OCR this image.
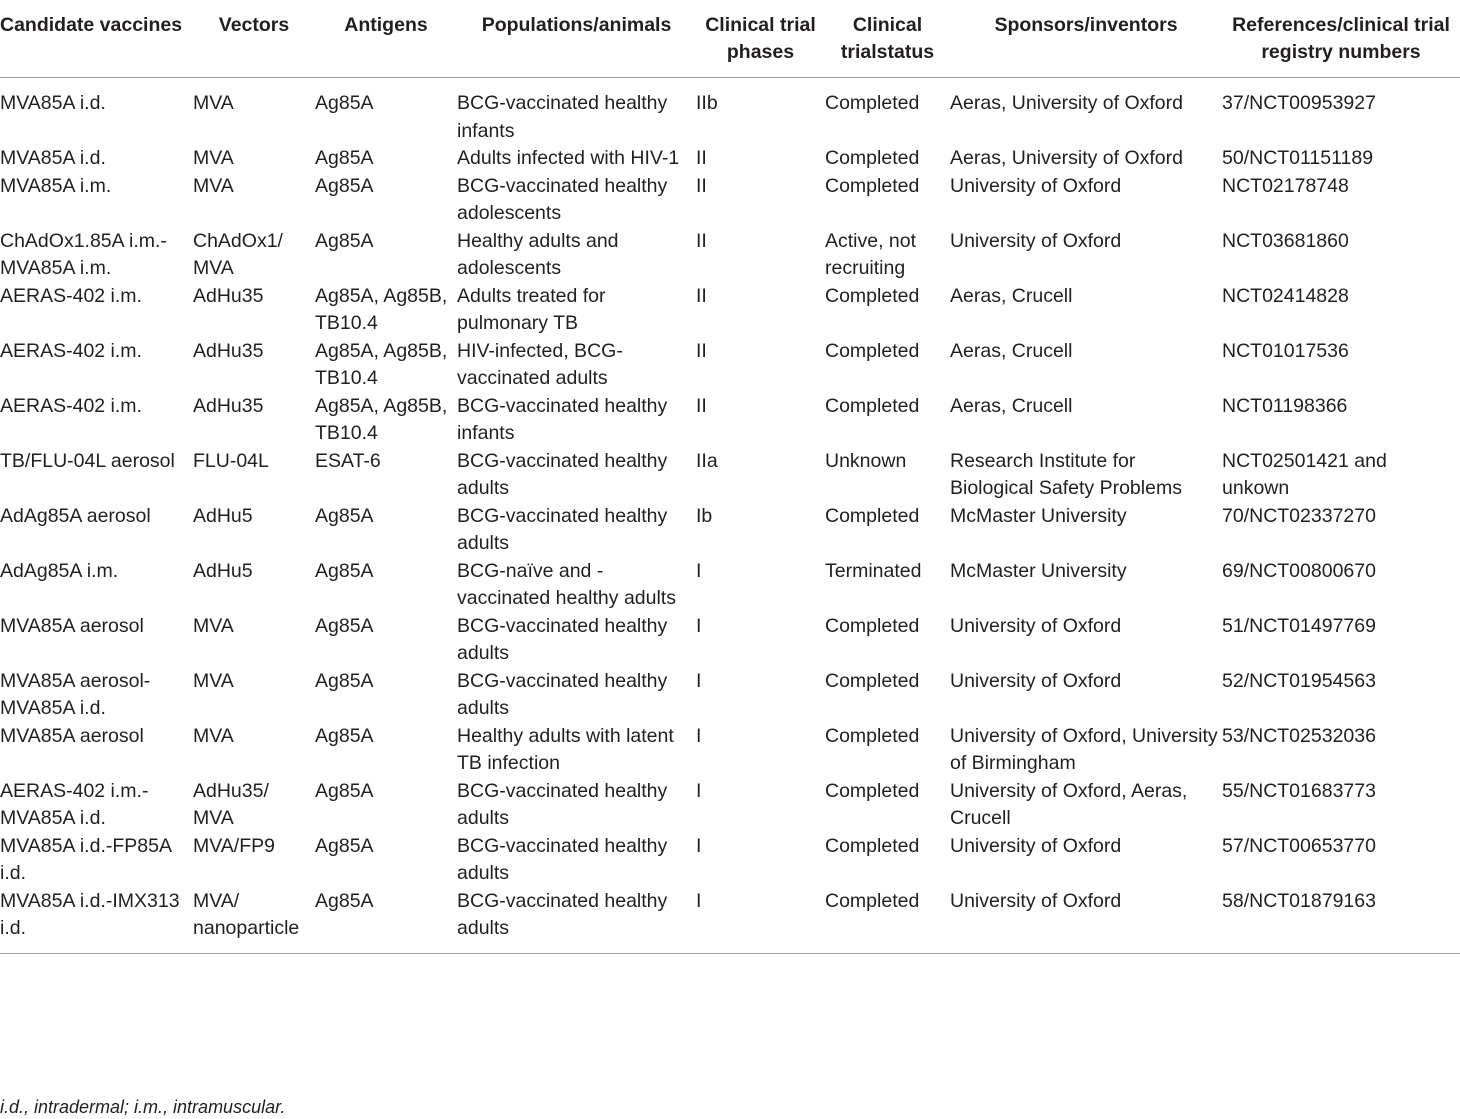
Candidate vaccines	Vectors	Antigens	Populations/animals	Clinical trial phases	Clinical trialstatus	Sponsors/inventors	References/clinical trial registry numbers
MVA85A i.d.	MVA	Ag85A	BCG-vaccinated healthy infants	IIb	Completed	Aeras, University of Oxford	37/NCT00953927
MVA85A i.d.	MVA	Ag85A	Adults infected with HIV-1	II	Completed	Aeras, University of Oxford	50/NCT01151189
MVA85A i.m.	MVA	Ag85A	BCG-vaccinated healthy adolescents	II	Completed	University of Oxford	NCT02178748
ChAdOx1.85A i.m.-MVA85A i.m.	ChAdOx1/ MVA	Ag85A	Healthy adults and adolescents	II	Active, not recruiting	University of Oxford	NCT03681860
AERAS-402 i.m.	AdHu35	Ag85A, Ag85B, TB10.4	Adults treated for pulmonary TB	II	Completed	Aeras, Crucell	NCT02414828
AERAS-402 i.m.	AdHu35	Ag85A, Ag85B, TB10.4	HIV-infected, BCG-vaccinated adults	II	Completed	Aeras, Crucell	NCT01017536
AERAS-402 i.m.	AdHu35	Ag85A, Ag85B, TB10.4	BCG-vaccinated healthy infants	II	Completed	Aeras, Crucell	NCT01198366
TB/FLU-04L aerosol	FLU-04L	ESAT-6	BCG-vaccinated healthy adults	IIa	Unknown	Research Institute for Biological Safety Problems	NCT02501421 and unkown
AdAg85A aerosol	AdHu5	Ag85A	BCG-vaccinated healthy adults	Ib	Completed	McMaster University	70/NCT02337270
AdAg85A i.m.	AdHu5	Ag85A	BCG-naïve and -vaccinated healthy adults	I	Terminated	McMaster University	69/NCT00800670
MVA85A aerosol	MVA	Ag85A	BCG-vaccinated healthy adults	I	Completed	University of Oxford	51/NCT01497769
MVA85A aerosol-MVA85A i.d.	MVA	Ag85A	BCG-vaccinated healthy adults	I	Completed	University of Oxford	52/NCT01954563
MVA85A aerosol	MVA	Ag85A	Healthy adults with latent TB infection	I	Completed	University of Oxford, University of Birmingham	53/NCT02532036
AERAS-402 i.m.-MVA85A i.d.	AdHu35/ MVA	Ag85A	BCG-vaccinated healthy adults	I	Completed	University of Oxford, Aeras, Crucell	55/NCT01683773
MVA85A i.d.-FP85A i.d.	MVA/FP9	Ag85A	BCG-vaccinated healthy adults	I	Completed	University of Oxford	57/NCT00653770
MVA85A i.d.-IMX313 i.d.	MVA/ nanoparticle	Ag85A	BCG-vaccinated healthy adults	I	Completed	University of Oxford	58/NCT01879163

i.d., intradermal; i.m., intramuscular.
